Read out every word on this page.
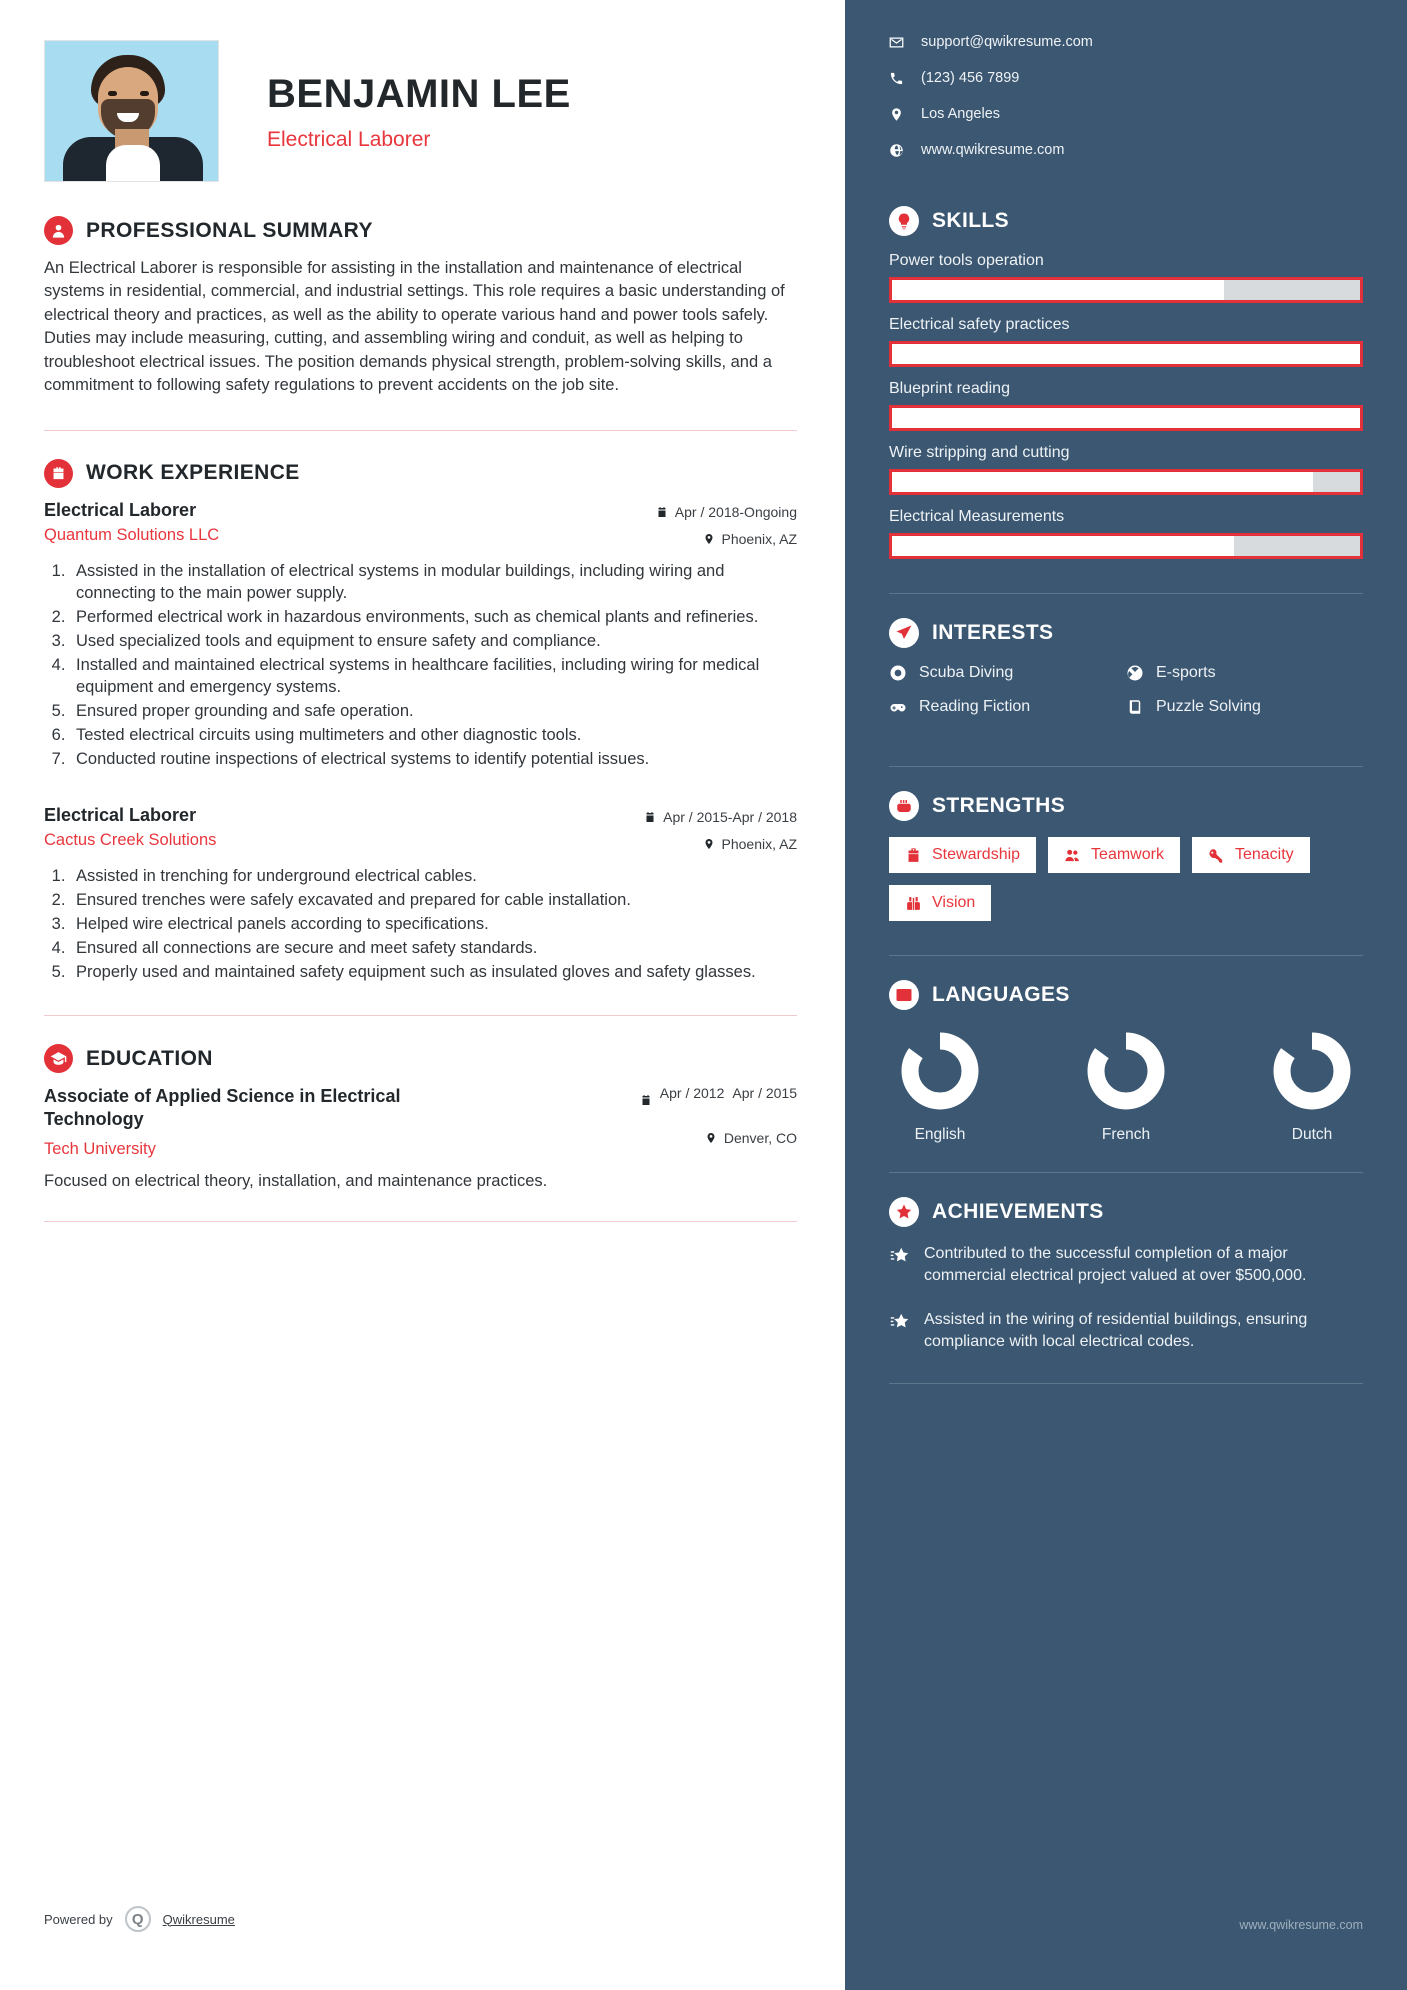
BENJAMIN LEE
Electrical Laborer
PROFESSIONAL SUMMARY

An Electrical Laborer is responsible for assisting in the installation and maintenance of electrical systems in residential, commercial, and industrial settings. This role requires a basic understanding of electrical theory and practices, as well as the ability to operate various hand and power tools safely. Duties may include measuring, cutting, and assembling wiring and conduit, as well as helping to troubleshoot electrical issues. The position demands physical strength, problem-solving skills, and a commitment to following safety regulations to prevent accidents on the job site.

WORK EXPERIENCE
Electrical Laborer
Quantum Solutions LLC
Apr / 2018-Ongoing
Phoenix, AZ
1. Assisted in the installation of electrical systems in modular buildings, including wiring and connecting to the main power supply.
2. Performed electrical work in hazardous environments, such as chemical plants and refineries.
3. Used specialized tools and equipment to ensure safety and compliance.
4. Installed and maintained electrical systems in healthcare facilities, including wiring for medical equipment and emergency systems.
5. Ensured proper grounding and safe operation.
6. Tested electrical circuits using multimeters and other diagnostic tools.
7. Conducted routine inspections of electrical systems to identify potential issues.
Electrical Laborer
Cactus Creek Solutions
Apr / 2015-Apr / 2018
Phoenix, AZ
1. Assisted in trenching for underground electrical cables.
2. Ensured trenches were safely excavated and prepared for cable installation.
3. Helped wire electrical panels according to specifications.
4. Ensured all connections are secure and meet safety standards.
5. Properly used and maintained safety equipment such as insulated gloves and safety glasses.
EDUCATION
Associate of Applied Science in Electrical Technology
Tech University
Apr / 2012 Apr / 2015
Denver, CO
Focused on electrical theory, installation, and maintenance practices.
Powered by	Q	Qwikresume
support@qwikresume.com
(123) 456 7899
Los Angeles
www.qwikresume.com
SKILLS
Power tools operation
Electrical safety practices
Blueprint reading
Wire stripping and cutting
Electrical Measurements
INTERESTS
Scuba Diving	E-sports
Reading Fiction	Puzzle Solving
STRENGTHS
Stewardship	Teamwork	Tenacity
Vision
LANGUAGES
English	French	Dutch
ACHIEVEMENTS
Contributed to the successful completion of a major commercial electrical project valued at over $500,000.
Assisted in the wiring of residential buildings, ensuring compliance with local electrical codes.
www.qwikresume.com
